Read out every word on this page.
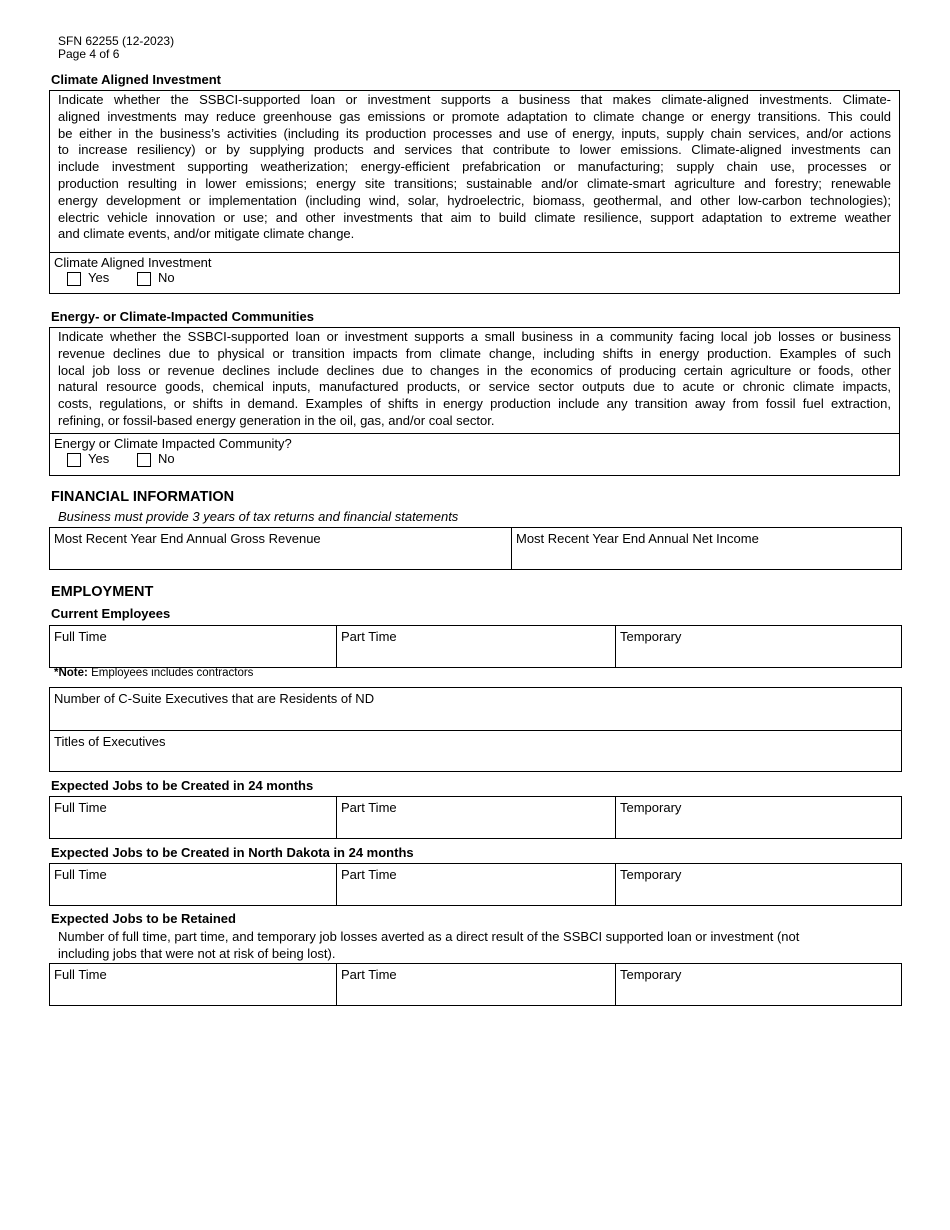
SFN 62255 (12-2023)
Page 4 of 6
Climate Aligned Investment
Indicate whether the SSBCI-supported loan or investment supports a business that makes climate-aligned investments. Climate-
aligned investments may reduce greenhouse gas emissions or promote adaptation to climate change or energy transitions. This could
be either in the business’s activities (including its production processes and use of energy, inputs, supply chain services, and/or actions
to increase resiliency) or by supplying products and services that contribute to lower emissions. Climate-aligned investments can
include investment supporting weatherization; energy-efficient prefabrication or manufacturing; supply chain use, processes or
production resulting in lower emissions; energy site transitions; sustainable and/or climate-smart agriculture and forestry; renewable
energy development or implementation (including wind, solar, hydroelectric, biomass, geothermal, and other low-carbon technologies);
electric vehicle innovation or use; and other investments that aim to build climate resilience, support adaptation to extreme weather
and climate events, and/or mitigate climate change.
Climate Aligned Investment
Yes	No
Energy- or Climate-Impacted Communities
Indicate whether the SSBCI-supported loan or investment supports a small business in a community facing local job losses or business
revenue declines due to physical or transition impacts from climate change, including shifts in energy production. Examples of such
local job loss or revenue declines include declines due to changes in the economics of producing certain agriculture or foods, other
natural resource goods, chemical inputs, manufactured products, or service sector outputs due to acute or chronic climate impacts,
costs, regulations, or shifts in demand. Examples of shifts in energy production include any transition away from fossil fuel extraction,
refining, or fossil-based energy generation in the oil, gas, and/or coal sector.
Energy or Climate Impacted Community?
Yes	No
FINANCIAL INFORMATION
Business must provide 3 years of tax returns and financial statements
Most Recent Year End Annual Gross Revenue	Most Recent Year End Annual Net Income
EMPLOYMENT
Current Employees
Full Time	Part Time	Temporary
*Note: Employees includes contractors
Number of C-Suite Executives that are Residents of ND
Titles of Executives
Expected Jobs to be Created in 24 months
Full Time	Part Time	Temporary
Expected Jobs to be Created in North Dakota in 24 months
Full Time	Part Time	Temporary
Expected Jobs to be Retained
Number of full time, part time, and temporary job losses averted as a direct result of the SSBCI supported loan or investment (not
including jobs that were not at risk of being lost).
Full Time	Part Time	Temporary
